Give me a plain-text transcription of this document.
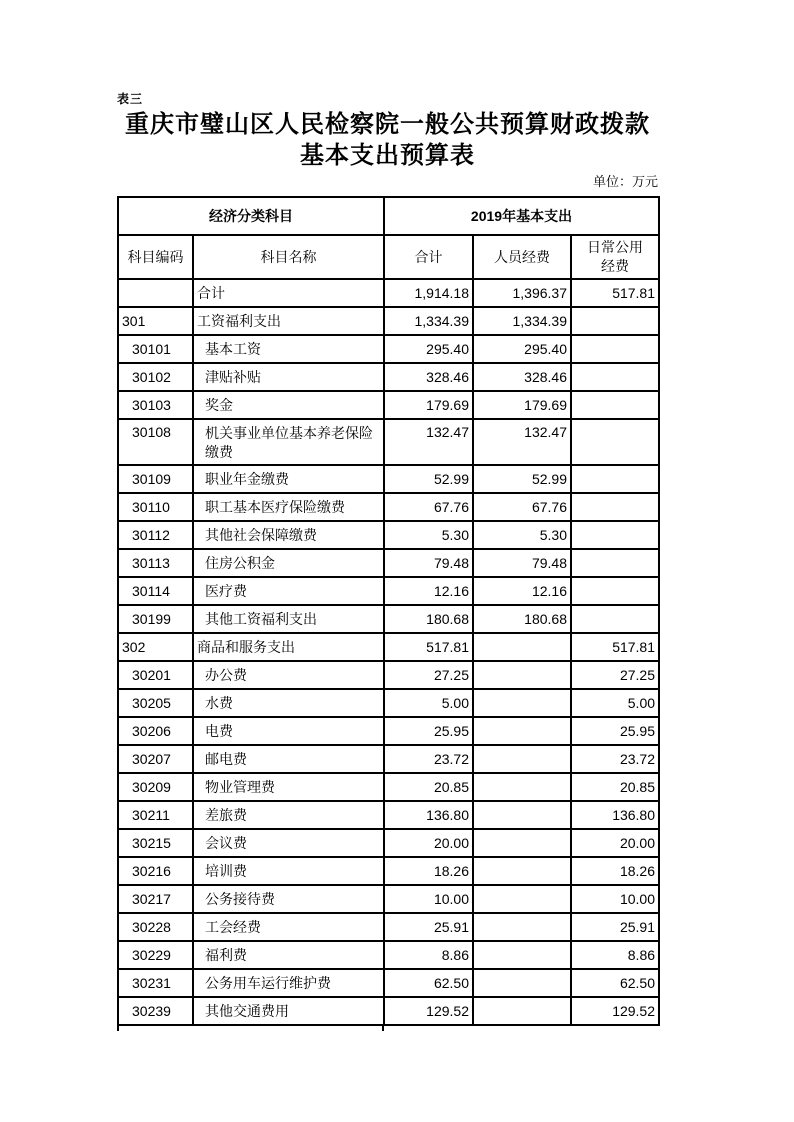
表三
重庆市璧山区人民检察院一般公共预算财政拨款
基本支出预算表
单位：万元
经济分类科目		2019年基本支出		
科目编码	科目名称	合计	人员经费	日常公用经费
	合计	1,914.18	1,396.37	517.81
301	工资福利支出	1,334.39	1,334.39	
30101	基本工资	295.40	295.40	
30102	津贴补贴	328.46	328.46	
30103	奖金	179.69	179.69	
30108	机关事业单位基本养老保险缴费	132.47	132.47	
30109	职业年金缴费	52.99	52.99	
30110	职工基本医疗保险缴费	67.76	67.76	
30112	其他社会保障缴费	5.30	5.30	
30113	住房公积金	79.48	79.48	
30114	医疗费	12.16	12.16	
30199	其他工资福利支出	180.68	180.68	
302	商品和服务支出	517.81		517.81
30201	办公费	27.25		27.25
30205	水费	5.00		5.00
30206	电费	25.95		25.95
30207	邮电费	23.72		23.72
30209	物业管理费	20.85		20.85
30211	差旅费	136.80		136.80
30215	会议费	20.00		20.00
30216	培训费	18.26		18.26
30217	公务接待费	10.00		10.00
30228	工会经费	25.91		25.91
30229	福利费	8.86		8.86
30231	公务用车运行维护费	62.50		62.50
30239	其他交通费用	129.52		129.52
